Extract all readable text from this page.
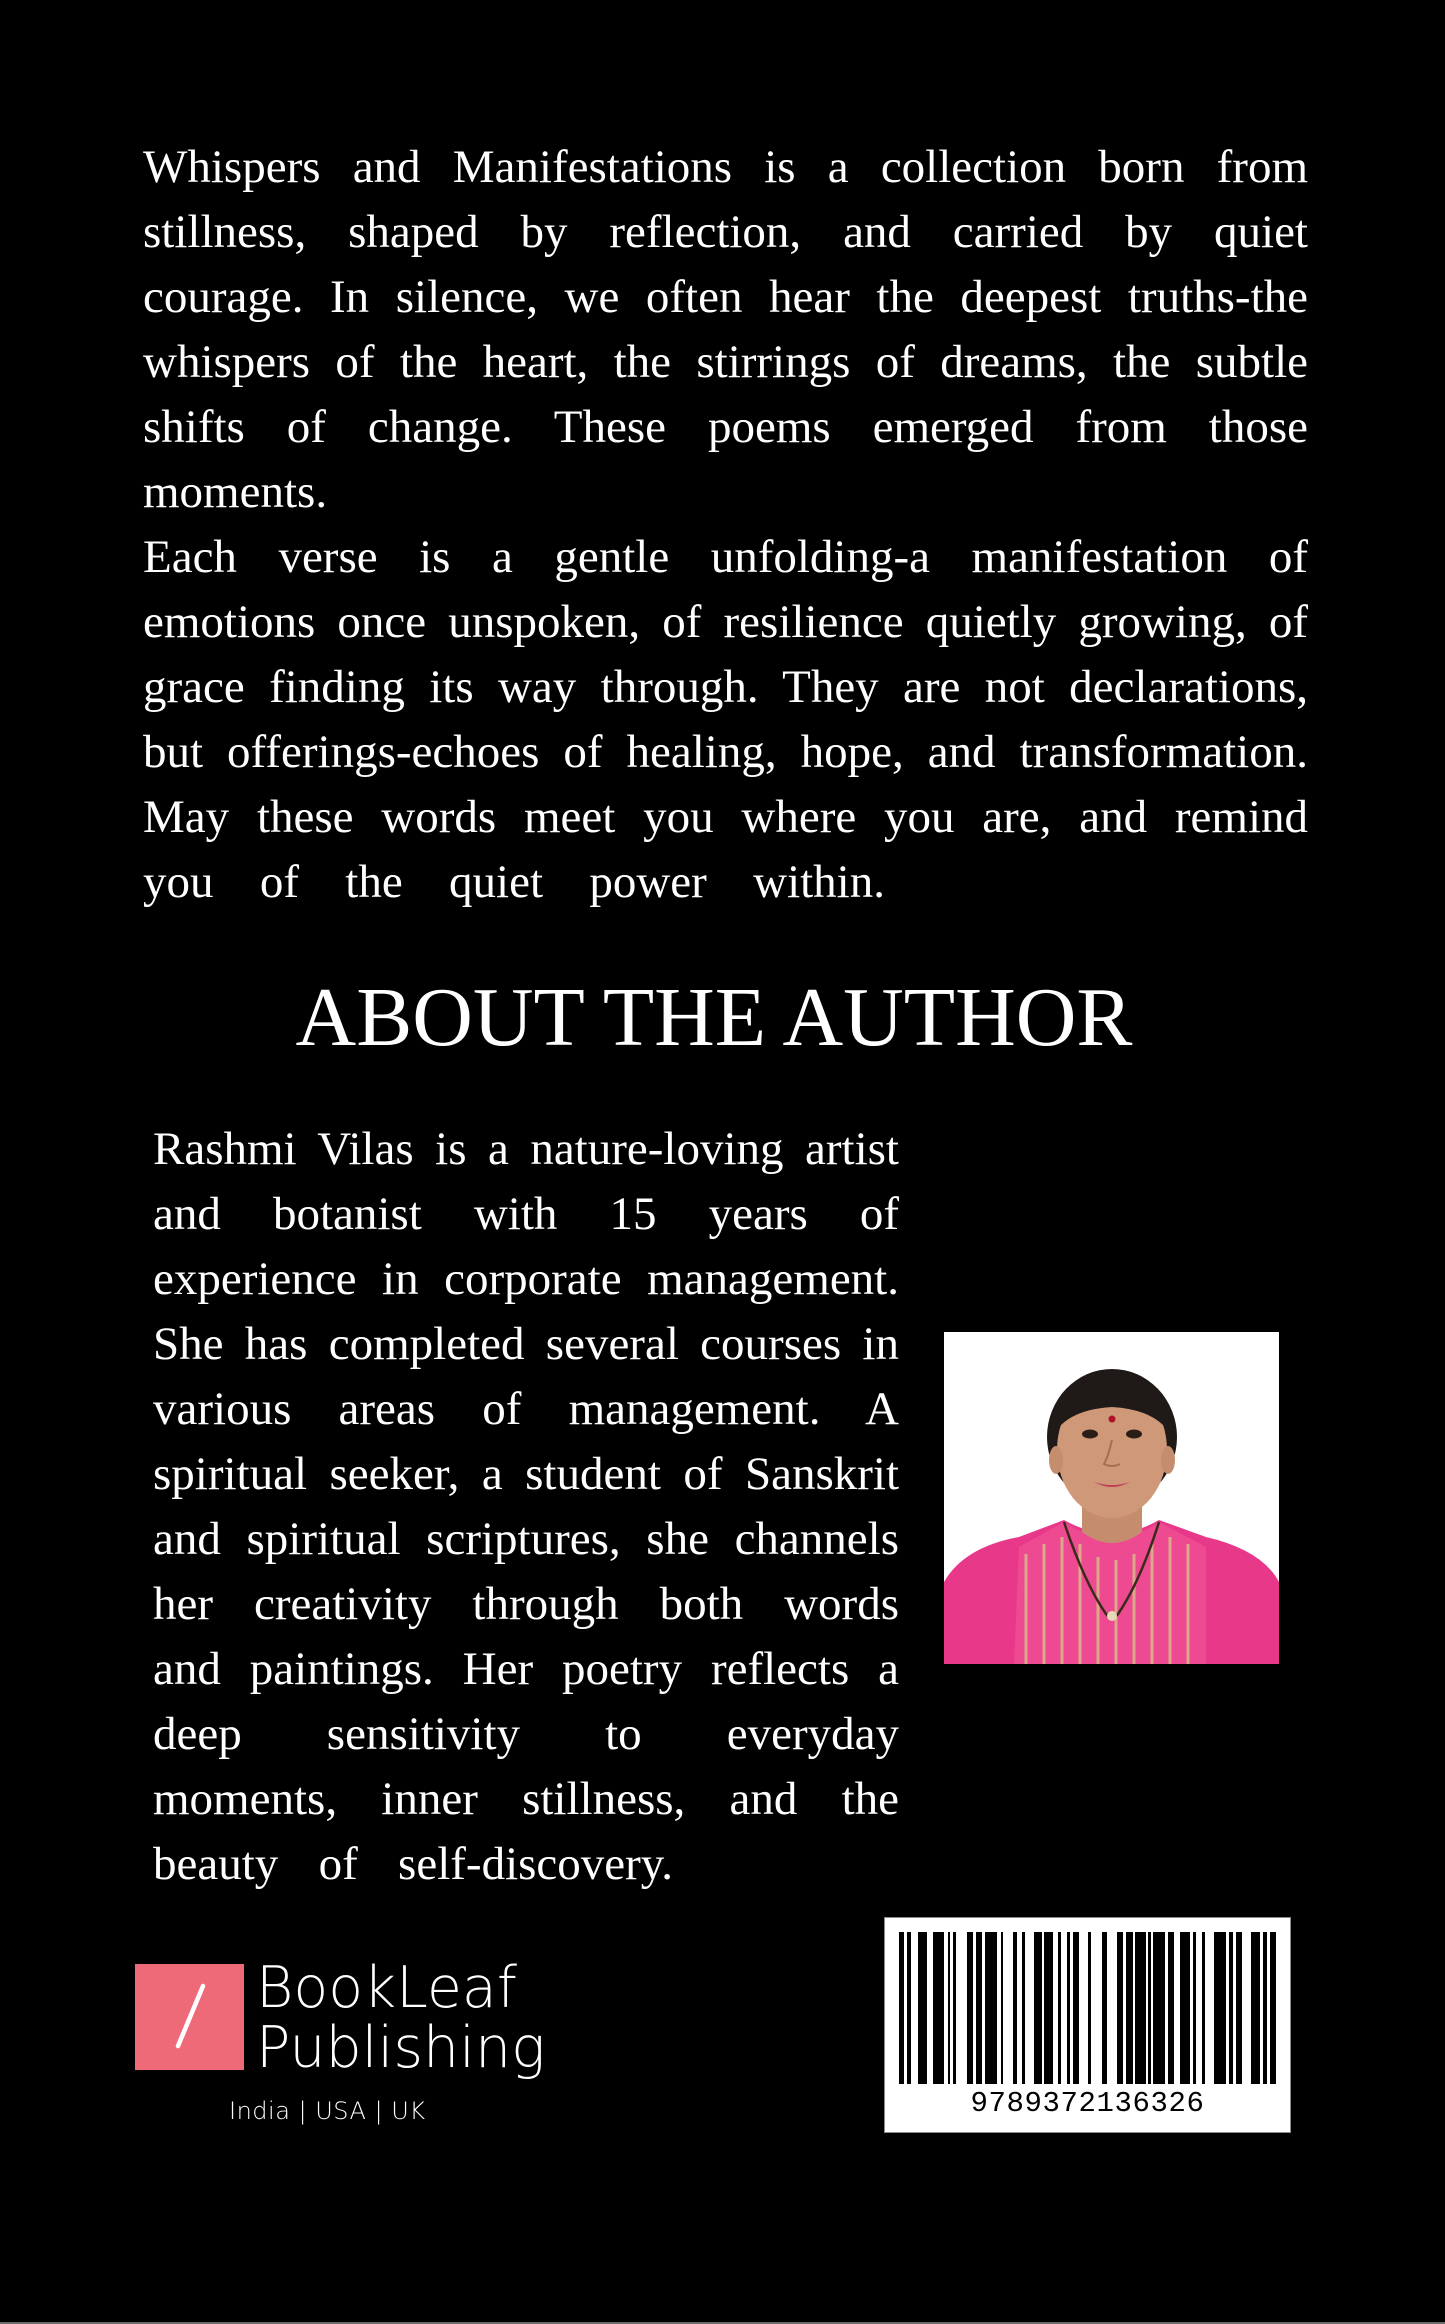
Whispers and Manifestations is a collection born from
stillness, shaped by reflection, and carried by quiet
courage. In silence, we often hear the deepest truths-the
whispers of the heart, the stirrings of dreams, the subtle
shifts of change. These poems emerged from those
moments.
Each verse is a gentle unfolding-a manifestation of
emotions once unspoken, of resilience quietly growing, of
grace finding its way through. They are not declarations,
but offerings-echoes of healing, hope, and transformation.
May these words meet you where you are, and remind
you of the quiet power within.
ABOUT THE AUTHOR
Rashmi Vilas is a nature-loving artist
and botanist with 15 years of
experience in corporate management.
She has completed several courses in
various areas of management. A
spiritual seeker, a student of Sanskrit
and spiritual scriptures, she channels
her creativity through both words
and paintings. Her poetry reflects a
deep sensitivity to everyday
moments, inner stillness, and the
beauty of self-discovery.
BookLeaf
Publishing
India | USA | UK	9789372136326
